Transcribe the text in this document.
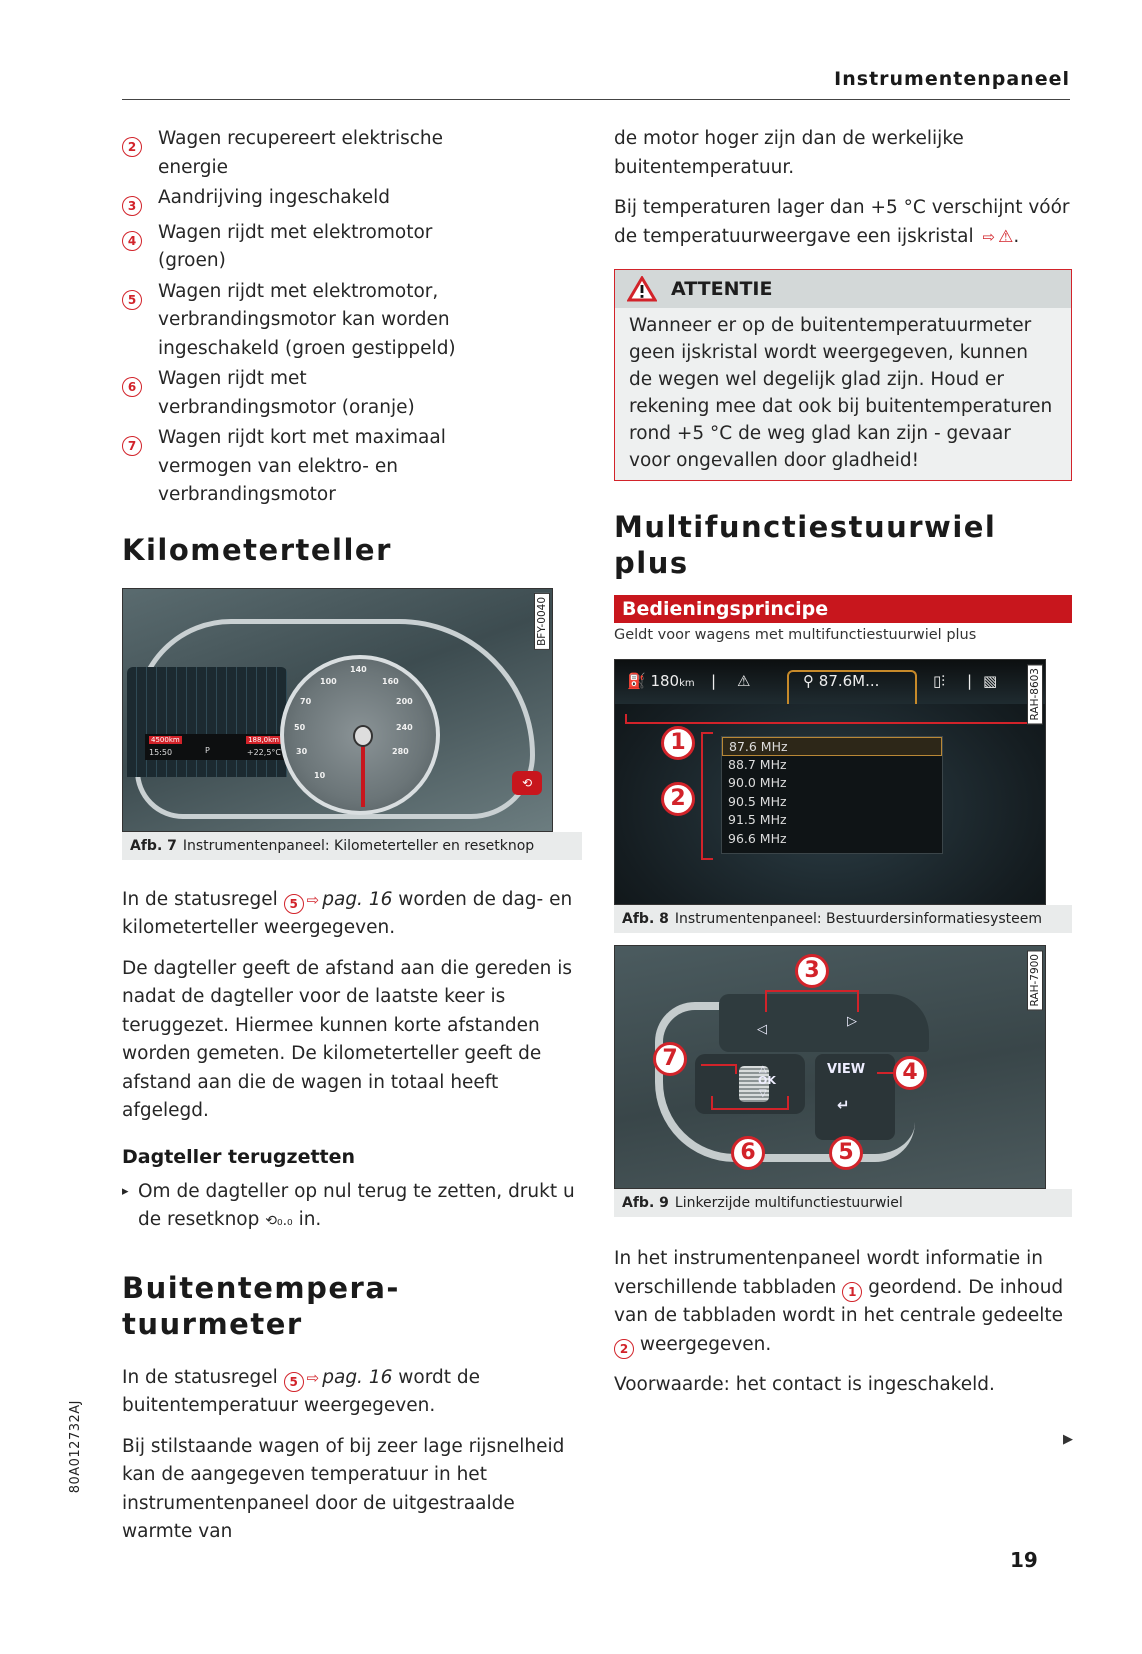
Instrumentenpaneel
2	Wagen recupereert elektrische energie
3	Aandrijving ingeschakeld
4	Wagen rijdt met elektromotor (groen)
5	Wagen rijdt met elektromotor, verbrandingsmotor kan worden ingeschakeld (groen gestippeld)
6	Wagen rijdt met verbrandingsmotor (oranje)
7	Wagen rijdt kort met maximaal vermogen van elektro- en verbrandingsmotor
Kilometerteller
4500km
15:50	P
188,0km
+22,5°C
10
30
50
70
100
140
160
200
240
280
⟲
BFY-0040
Afb. 7 Instrumentenpaneel: Kilometerteller en resetknop

In de statusregel 5 ⇨ pag. 16 worden de dag- en kilometerteller weergegeven.

De dagteller geeft de afstand aan die gereden is nadat de dagteller voor de laatste keer is teruggezet. Hiermee kunnen korte afstanden worden gemeten. De kilometerteller geeft de afstand aan die de wagen in totaal heeft afgelegd.

Dagteller terugzetten

▸ Om de dagteller op nul terug te zetten, drukt u de resetknop ⟲₀.₀ in.

Buitentempera-
tuurmeter

In de statusregel 5 ⇨ pag. 16 wordt de buitentemperatuur weergegeven.

Bij stilstaande wagen of bij zeer lage rijsnelheid kan de aangegeven temperatuur in het instrumentenpaneel door de uitgestraalde warmte van

de motor hoger zijn dan de werkelijke buitentemperatuur.

Bij temperaturen lager dan +5 °C verschijnt vóór de temperatuurweergave een ijskristal ⇨ ⚠.

ATTENTIE
Wanneer er op de buitentemperatuurmeter geen ijskristal wordt weergegeven, kunnen de wegen wel degelijk glad zijn. Houd er rekening mee dat ook bij buitentemperaturen rond +5 °C de weg glad kan zijn - gevaar voor ongevallen door gladheid!
Multifunctiestuurwiel
plus
Bedieningsprincipe
Geldt voor wagens met multifunctiestuurwiel plus
⛽ 180km | ⚠	⚲ 87.6M...	▯⫶ | ▧
1
2
87.6 MHz
88.7 MHz
90.0 MHz
90.5 MHz
91.5 MHz
96.6 MHz
RAH-8603
Afb. 8 Instrumentenpaneel: Bestuurdersinformatiesysteem
◁
▷
△
OK
▽
VIEW
↵
3
4
5
6
7
RAH-7900
Afb. 9 Linkerzijde multifunctiestuurwiel

In het instrumentenpaneel wordt informatie in verschillende tabbladen 1 geordend. De inhoud van de tabbladen wordt in het centrale gedeelte 2 weergegeven.

Voorwaarde: het contact is ingeschakeld.

▶
80A012732AJ
19
